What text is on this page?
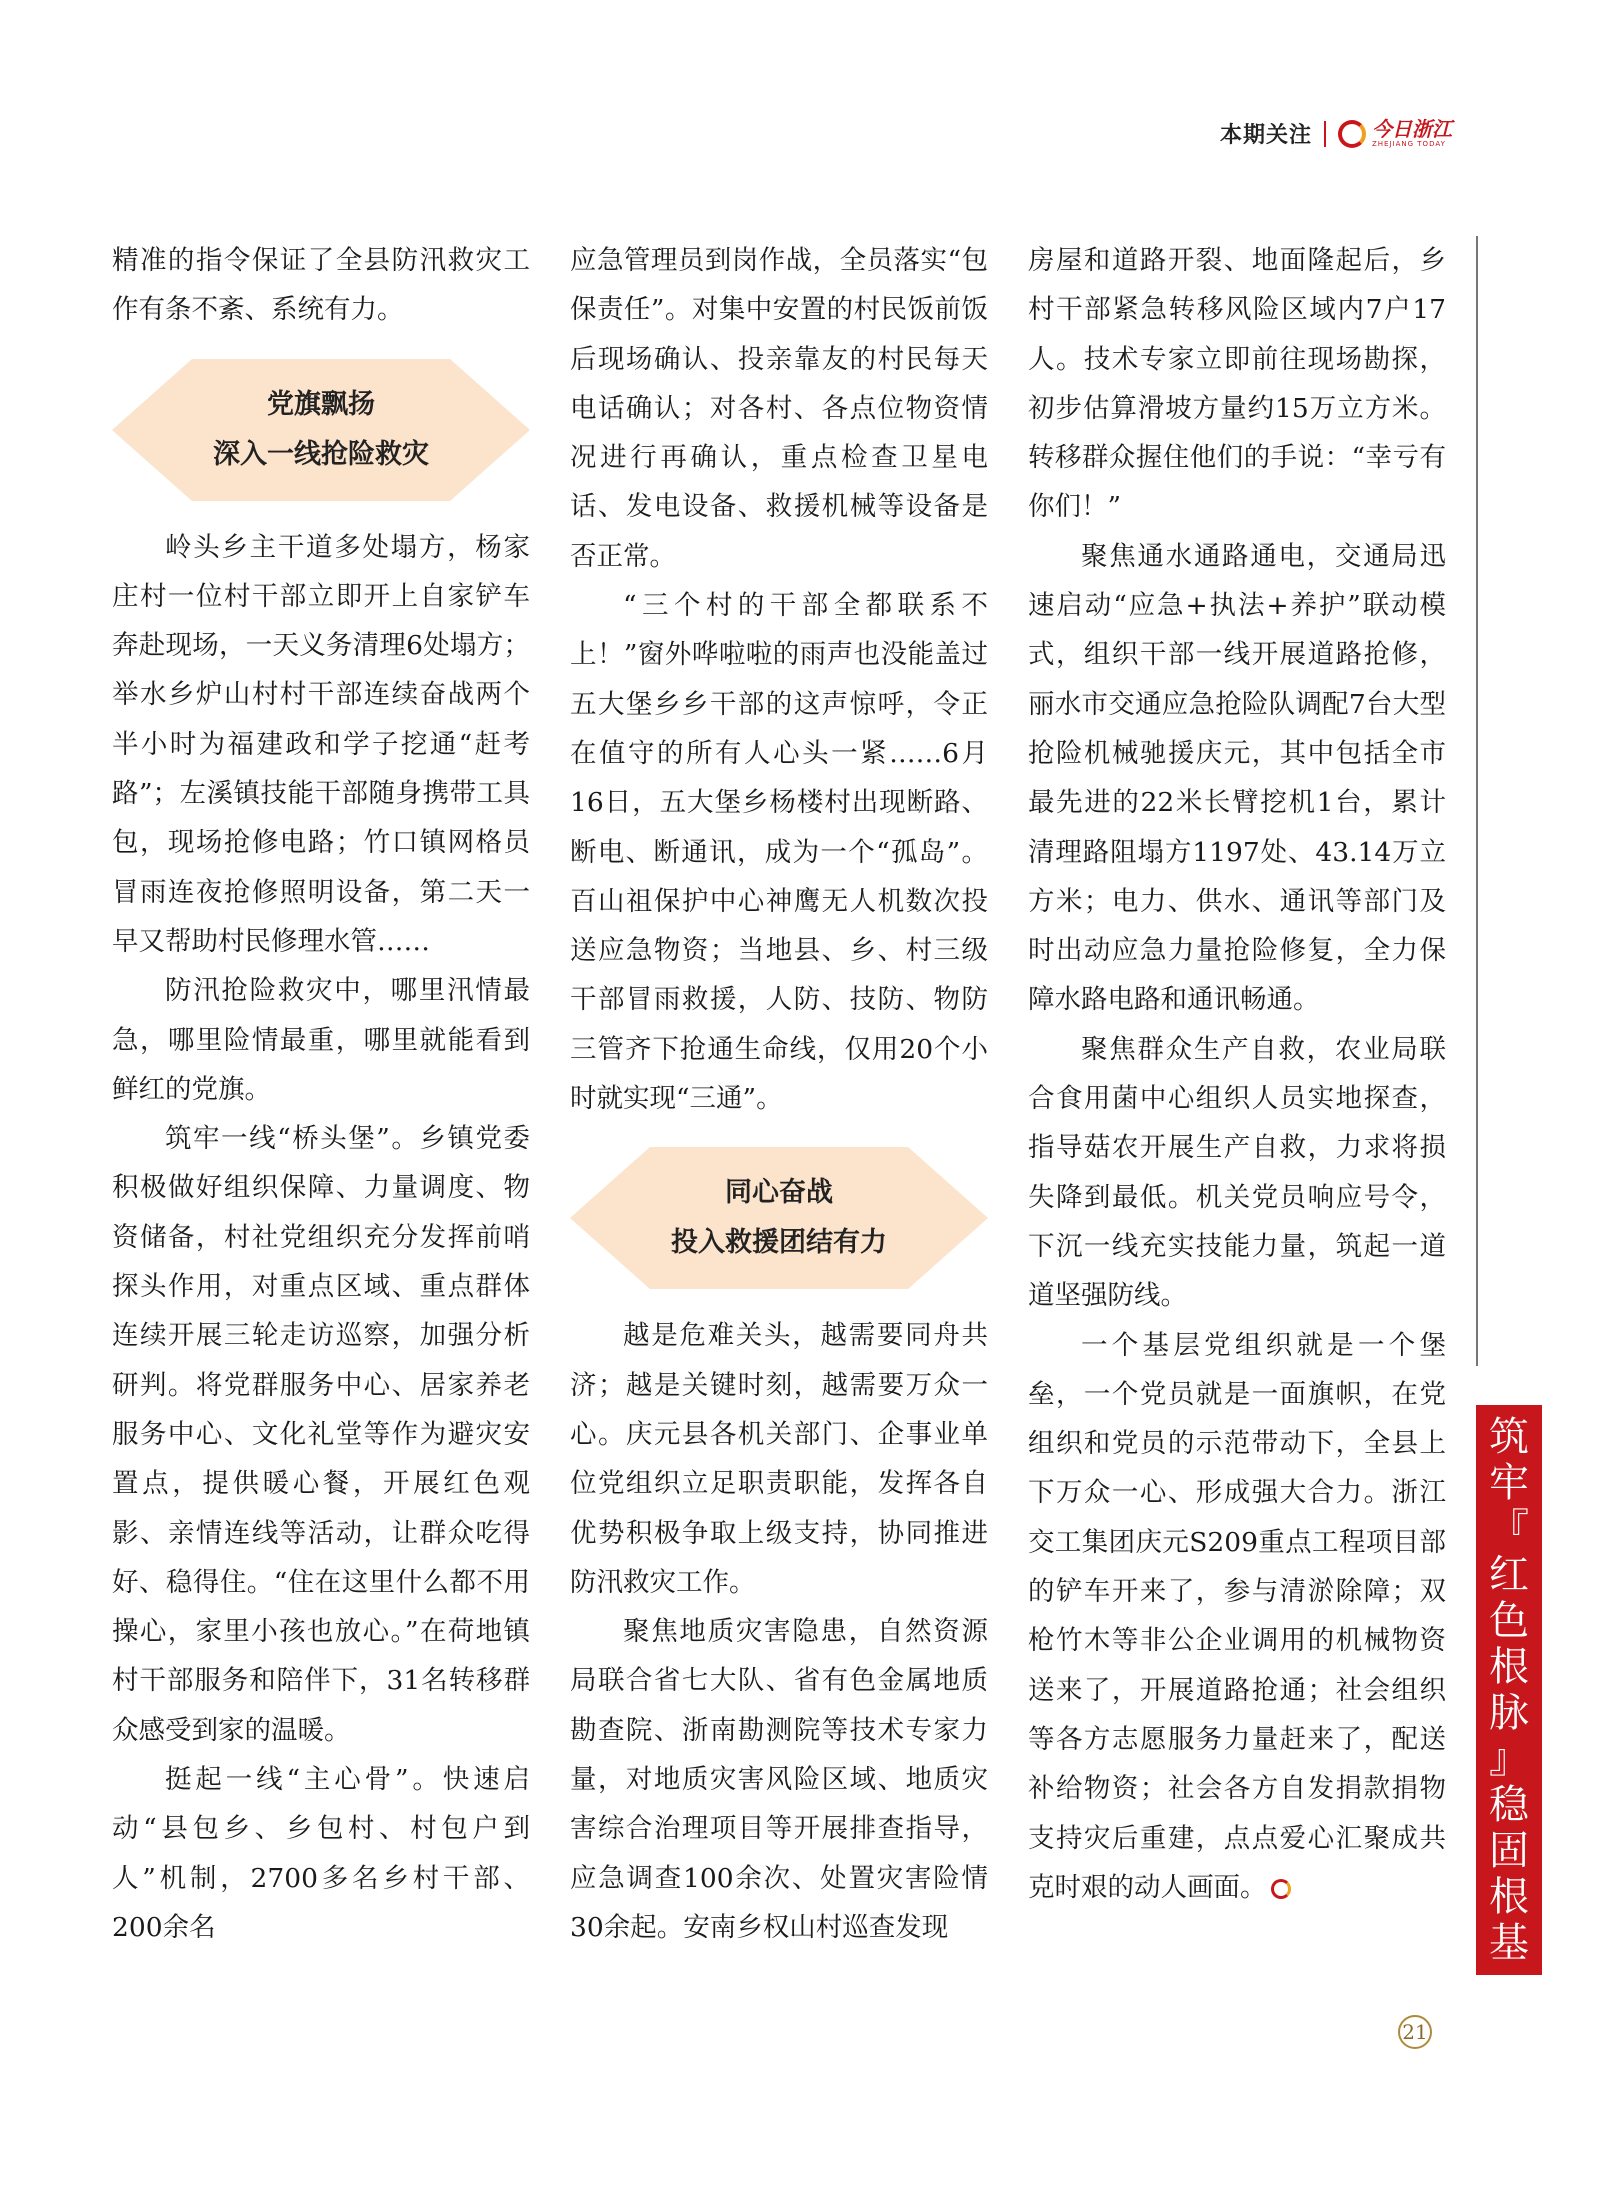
本期关注	今日浙江
ZHEJIANG TODAY

精准的指令保证了全县防汛救灾工作有条不紊、系统有力。

党旗飘扬
深入一线抢险救灾

岭头乡主干道多处塌方，杨家庄村一位村干部立即开上自家铲车奔赴现场，一天义务清理6处塌方；举水乡炉山村村干部连续奋战两个半小时为福建政和学子挖通“赶考路”；左溪镇技能干部随身携带工具包，现场抢修电路；竹口镇网格员冒雨连夜抢修照明设备，第二天一早又帮助村民修理水管……

防汛抢险救灾中，哪里汛情最急，哪里险情最重，哪里就能看到鲜红的党旗。

筑牢一线“桥头堡”。乡镇党委积极做好组织保障、力量调度、物资储备，村社党组织充分发挥前哨探头作用，对重点区域、重点群体连续开展三轮走访巡察，加强分析研判。将党群服务中心、居家养老服务中心、文化礼堂等作为避灾安置点，提供暖心餐，开展红色观影、亲情连线等活动，让群众吃得好、稳得住。“住在这里什么都不用操心，家里小孩也放心。”在荷地镇村干部服务和陪伴下，31名转移群众感受到家的温暖。

挺起一线“主心骨”。快速启动“县包乡、乡包村、村包户到人”机制，2700多名乡村干部、200余名

应急管理员到岗作战，全员落实“包保责任”。对集中安置的村民饭前饭后现场确认、投亲靠友的村民每天电话确认；对各村、各点位物资情况进行再确认，重点检查卫星电话、发电设备、救援机械等设备是否正常。

“三个村的干部全都联系不上！”窗外哗啦啦的雨声也没能盖过五大堡乡乡干部的这声惊呼，令正在值守的所有人心头一紧……6月16日，五大堡乡杨楼村出现断路、断电、断通讯，成为一个“孤岛”。百山祖保护中心神鹰无人机数次投送应急物资；当地县、乡、村三级干部冒雨救援，人防、技防、物防三管齐下抢通生命线，仅用20个小时就实现“三通”。

同心奋战
投入救援团结有力

越是危难关头，越需要同舟共济；越是关键时刻，越需要万众一心。庆元县各机关部门、企事业单位党组织立足职责职能，发挥各自优势积极争取上级支持，协同推进防汛救灾工作。

聚焦地质灾害隐患，自然资源局联合省七大队、省有色金属地质勘查院、浙南勘测院等技术专家力量，对地质灾害风险区域、地质灾害综合治理项目等开展排查指导，应急调查100余次、处置灾害险情30余起。安南乡权山村巡查发现

房屋和道路开裂、地面隆起后，乡村干部紧急转移风险区域内7户17人。技术专家立即前往现场勘探，初步估算滑坡方量约15万立方米。转移群众握住他们的手说：“幸亏有你们！”

聚焦通水通路通电，交通局迅速启动“应急+执法+养护”联动模式，组织干部一线开展道路抢修，丽水市交通应急抢险队调配7台大型抢险机械驰援庆元，其中包括全市最先进的22米长臂挖机1台，累计清理路阻塌方1197处、43.14万立方米；电力、供水、通讯等部门及时出动应急力量抢险修复，全力保障水路电路和通讯畅通。

聚焦群众生产自救，农业局联合食用菌中心组织人员实地探查，指导菇农开展生产自救，力求将损失降到最低。机关党员响应号令，下沉一线充实技能力量，筑起一道道坚强防线。

一个基层党组织就是一个堡垒，一个党员就是一面旗帜，在党组织和党员的示范带动下，全县上下万众一心、形成强大合力。浙江交工集团庆元S209重点工程项目部的铲车开来了，参与清淤除障；双枪竹木等非公企业调用的机械物资送来了，开展道路抢通；社会组织等各方志愿服务力量赶来了，配送补给物资；社会各方自发捐款捐物支持灾后重建，点点爱心汇聚成共克时艰的动人画面。

筑
牢
『
红
色
根
脉
』
稳
固
根
基
21
